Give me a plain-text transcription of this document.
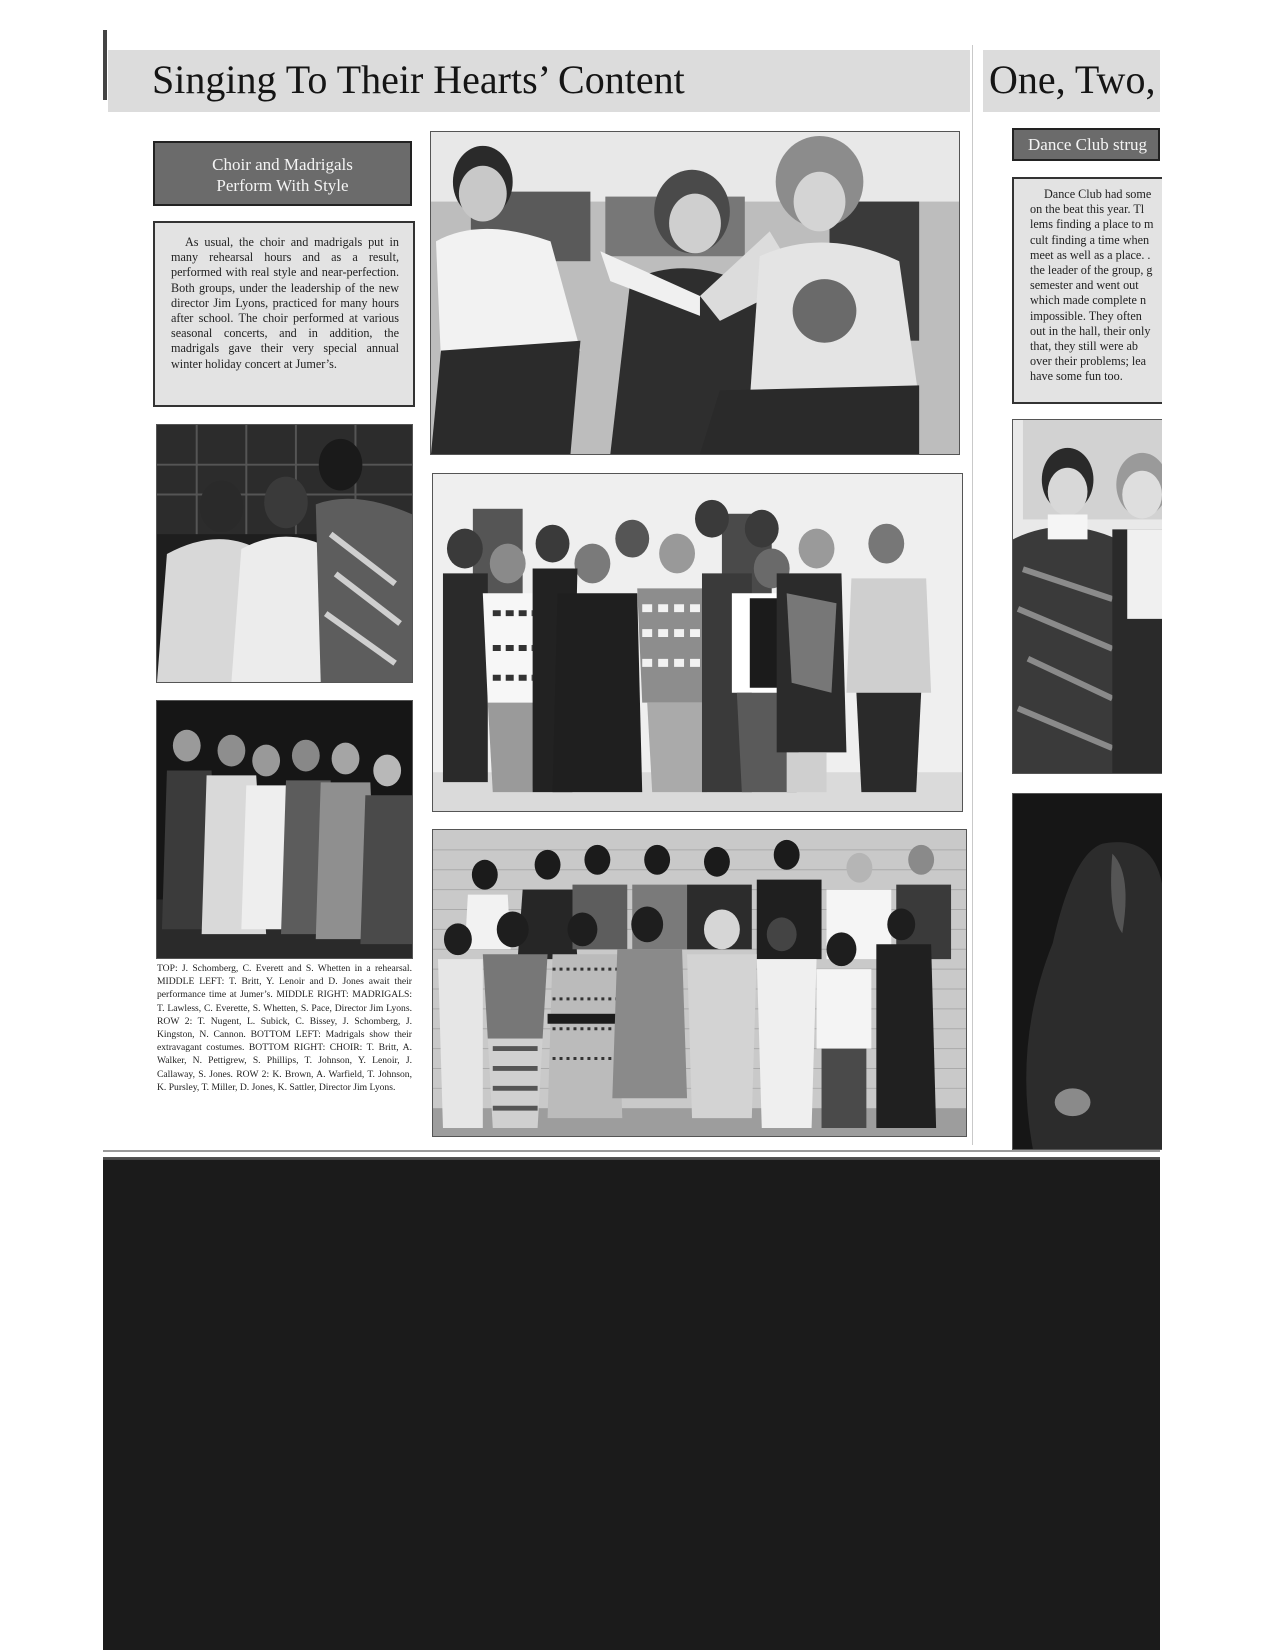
Singing To Their Hearts’ Content	One, Two,
Choir and Madrigals
Perform With Style
As usual, the choir and madrigals put in many rehearsal hours and as a result, performed with real style and near-perfection. Both groups, under the leadership of the new director Jim Lyons, practiced for many hours after school. The choir performed at various seasonal concerts, and in addition, the madrigals gave their very special annual winter holiday concert at Jumer’s.
TOP: J. Schomberg, C. Everett and S. Whetten in a rehearsal. MIDDLE LEFT: T. Britt, Y. Lenoir and D. Jones await their performance time at Jumer’s. MIDDLE RIGHT: MADRIGALS: T. Lawless, C. Everette, S. Whetten, S. Pace, Director Jim Lyons. ROW 2: T. Nugent, L. Subick, C. Bissey, J. Schomberg, J. Kingston, N. Cannon. BOTTOM LEFT: Madrigals show their extravagant costumes. BOTTOM RIGHT: CHOIR: T. Britt, A. Walker, N. Pettigrew, S. Phillips, T. Johnson, Y. Lenoir, J. Callaway, S. Jones. ROW 2: K. Brown, A. Warfield, T. Johnson, K. Pursley, T. Miller, D. Jones, K. Sattler, Director Jim Lyons.
Dance Club strug
Dance Club had some
on the beat this year. Tl
lems finding a place to m
cult finding a time when
meet as well as a place. .
the leader of the group, g
semester and went out
which made complete n
impossible. They often
out in the hall, their only
that, they still were ab
over their problems; lea
have some fun too.
